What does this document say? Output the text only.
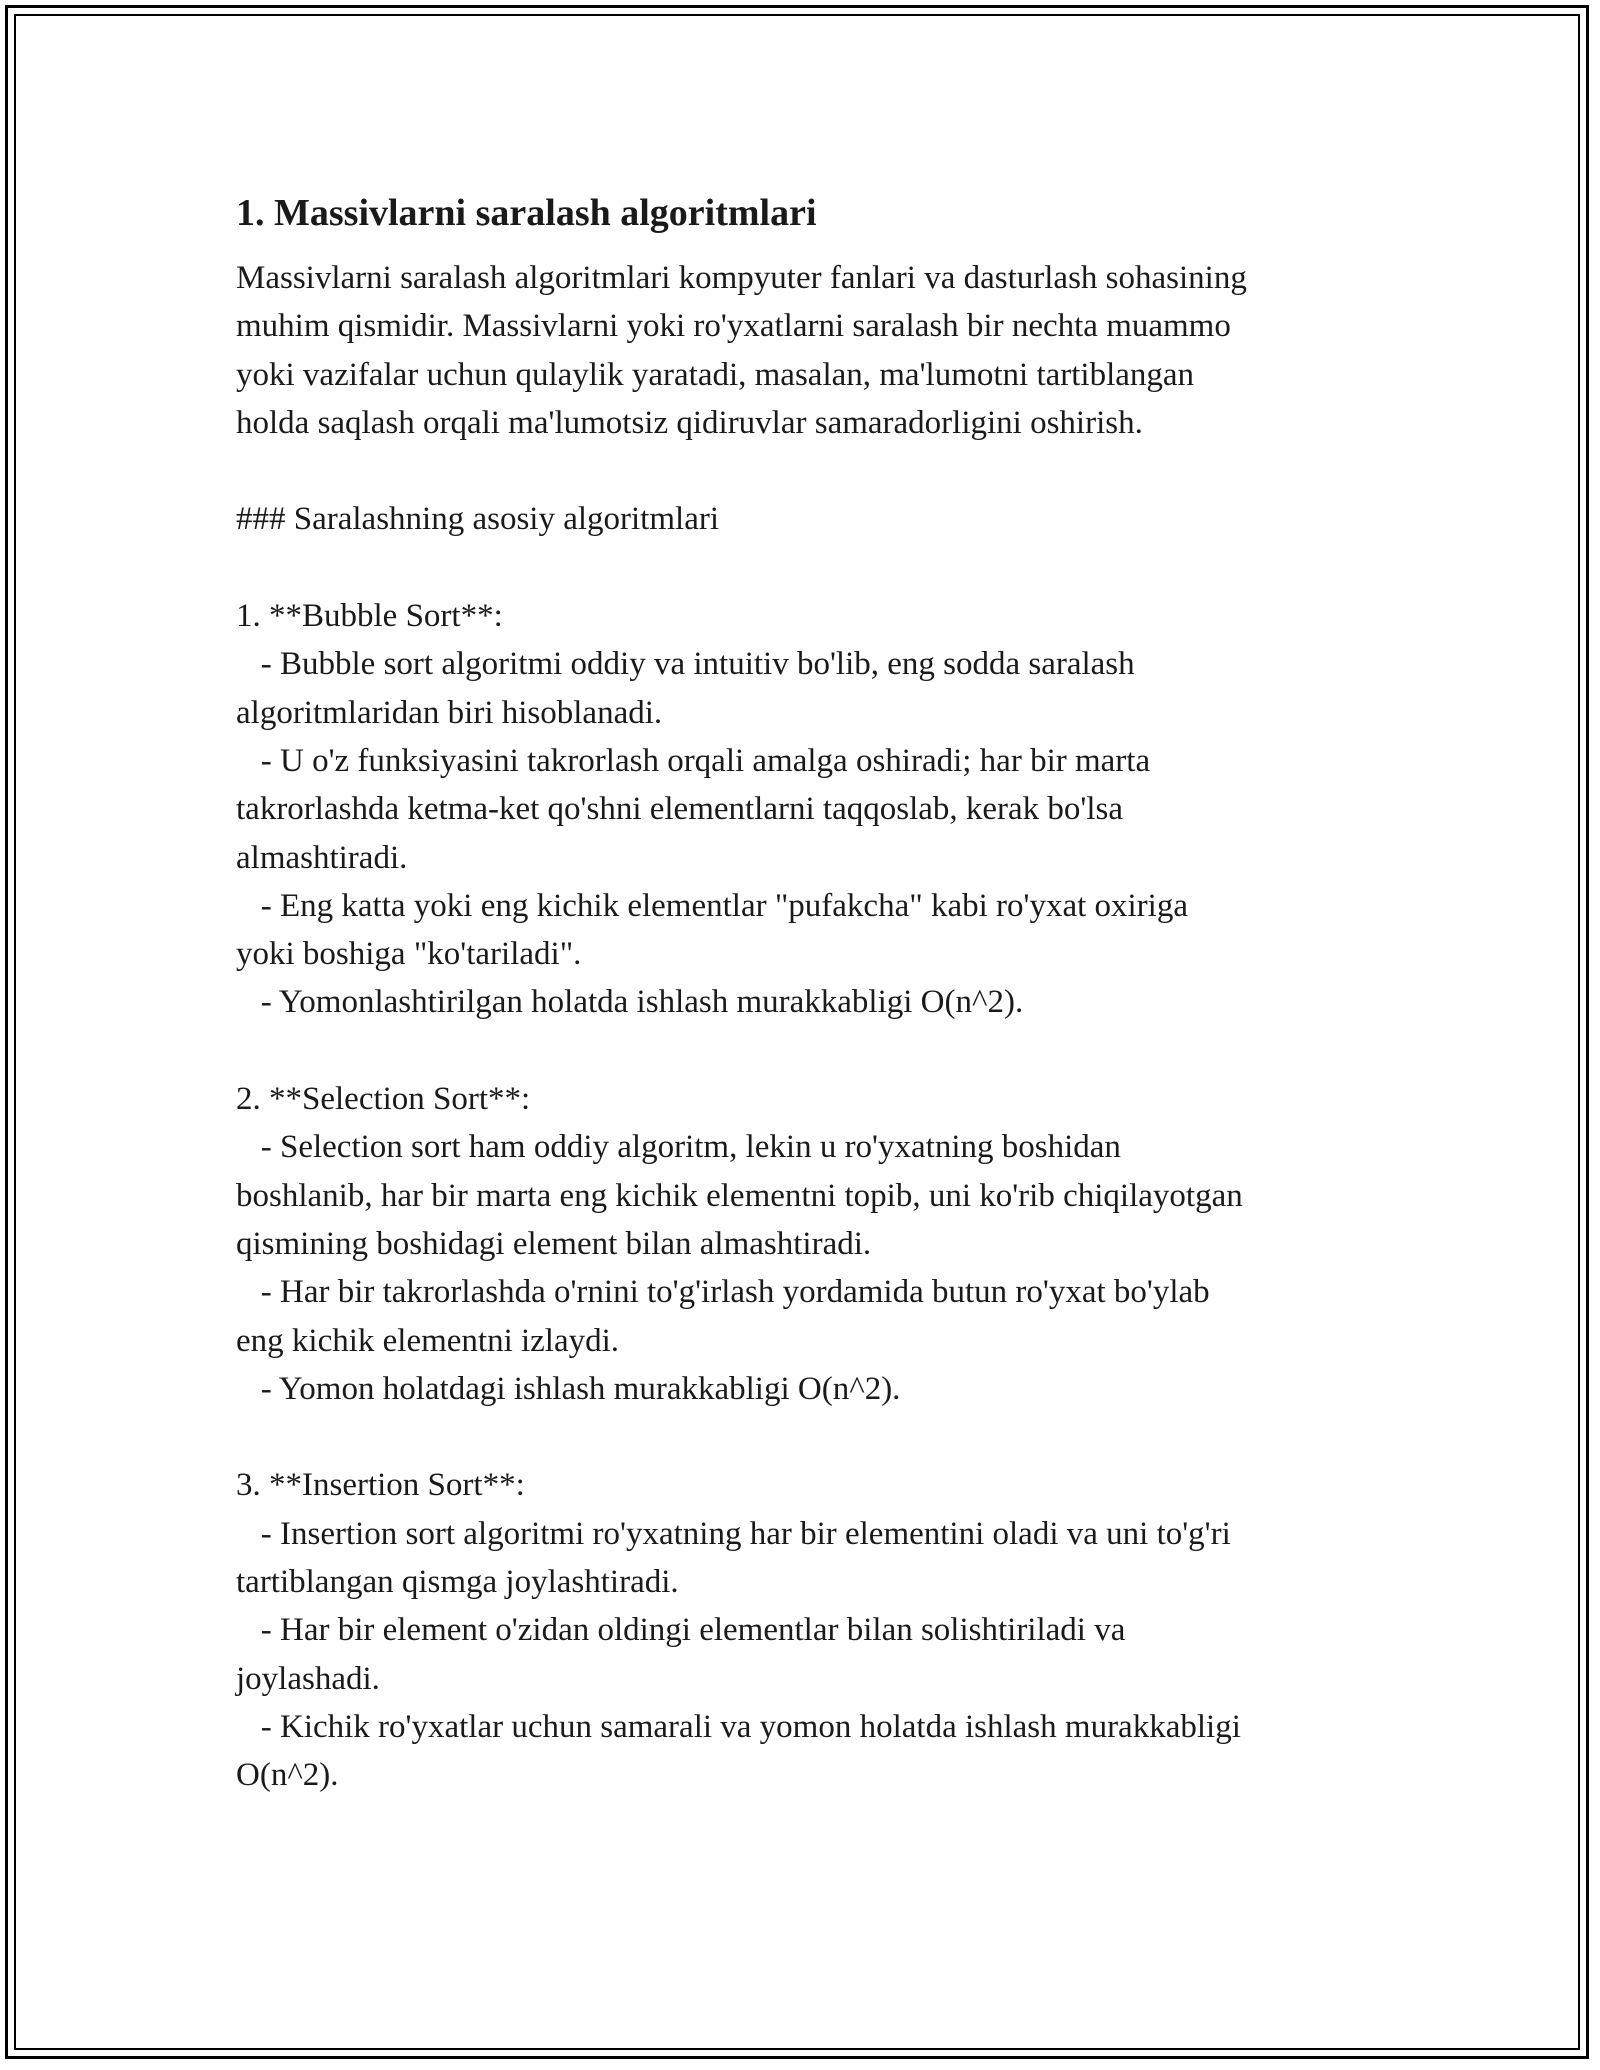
1. Massivlarni saralash algoritmlari
Massivlarni saralash algoritmlari kompyuter fanlari va dasturlash sohasining
muhim qismidir. Massivlarni yoki ro'yxatlarni saralash bir nechta muammo
yoki vazifalar uchun qulaylik yaratadi, masalan, ma'lumotni tartiblangan
holda saqlash orqali ma'lumotsiz qidiruvlar samaradorligini oshirish.
### Saralashning asosiy algoritmlari
1. **Bubble Sort**:
- Bubble sort algoritmi oddiy va intuitiv bo'lib, eng sodda saralash
algoritmlaridan biri hisoblanadi.
- U o'z funksiyasini takrorlash orqali amalga oshiradi; har bir marta
takrorlashda ketma-ket qo'shni elementlarni taqqoslab, kerak bo'lsa
almashtiradi.
- Eng katta yoki eng kichik elementlar "pufakcha" kabi ro'yxat oxiriga
yoki boshiga "ko'tariladi".
- Yomonlashtirilgan holatda ishlash murakkabligi O(n^2).
2. **Selection Sort**:
- Selection sort ham oddiy algoritm, lekin u ro'yxatning boshidan
boshlanib, har bir marta eng kichik elementni topib, uni ko'rib chiqilayotgan
qismining boshidagi element bilan almashtiradi.
- Har bir takrorlashda o'rnini to'g'irlash yordamida butun ro'yxat bo'ylab
eng kichik elementni izlaydi.
- Yomon holatdagi ishlash murakkabligi O(n^2).
3. **Insertion Sort**:
- Insertion sort algoritmi ro'yxatning har bir elementini oladi va uni to'g'ri
tartiblangan qismga joylashtiradi.
- Har bir element o'zidan oldingi elementlar bilan solishtiriladi va
joylashadi.
- Kichik ro'yxatlar uchun samarali va yomon holatda ishlash murakkabligi
O(n^2).
